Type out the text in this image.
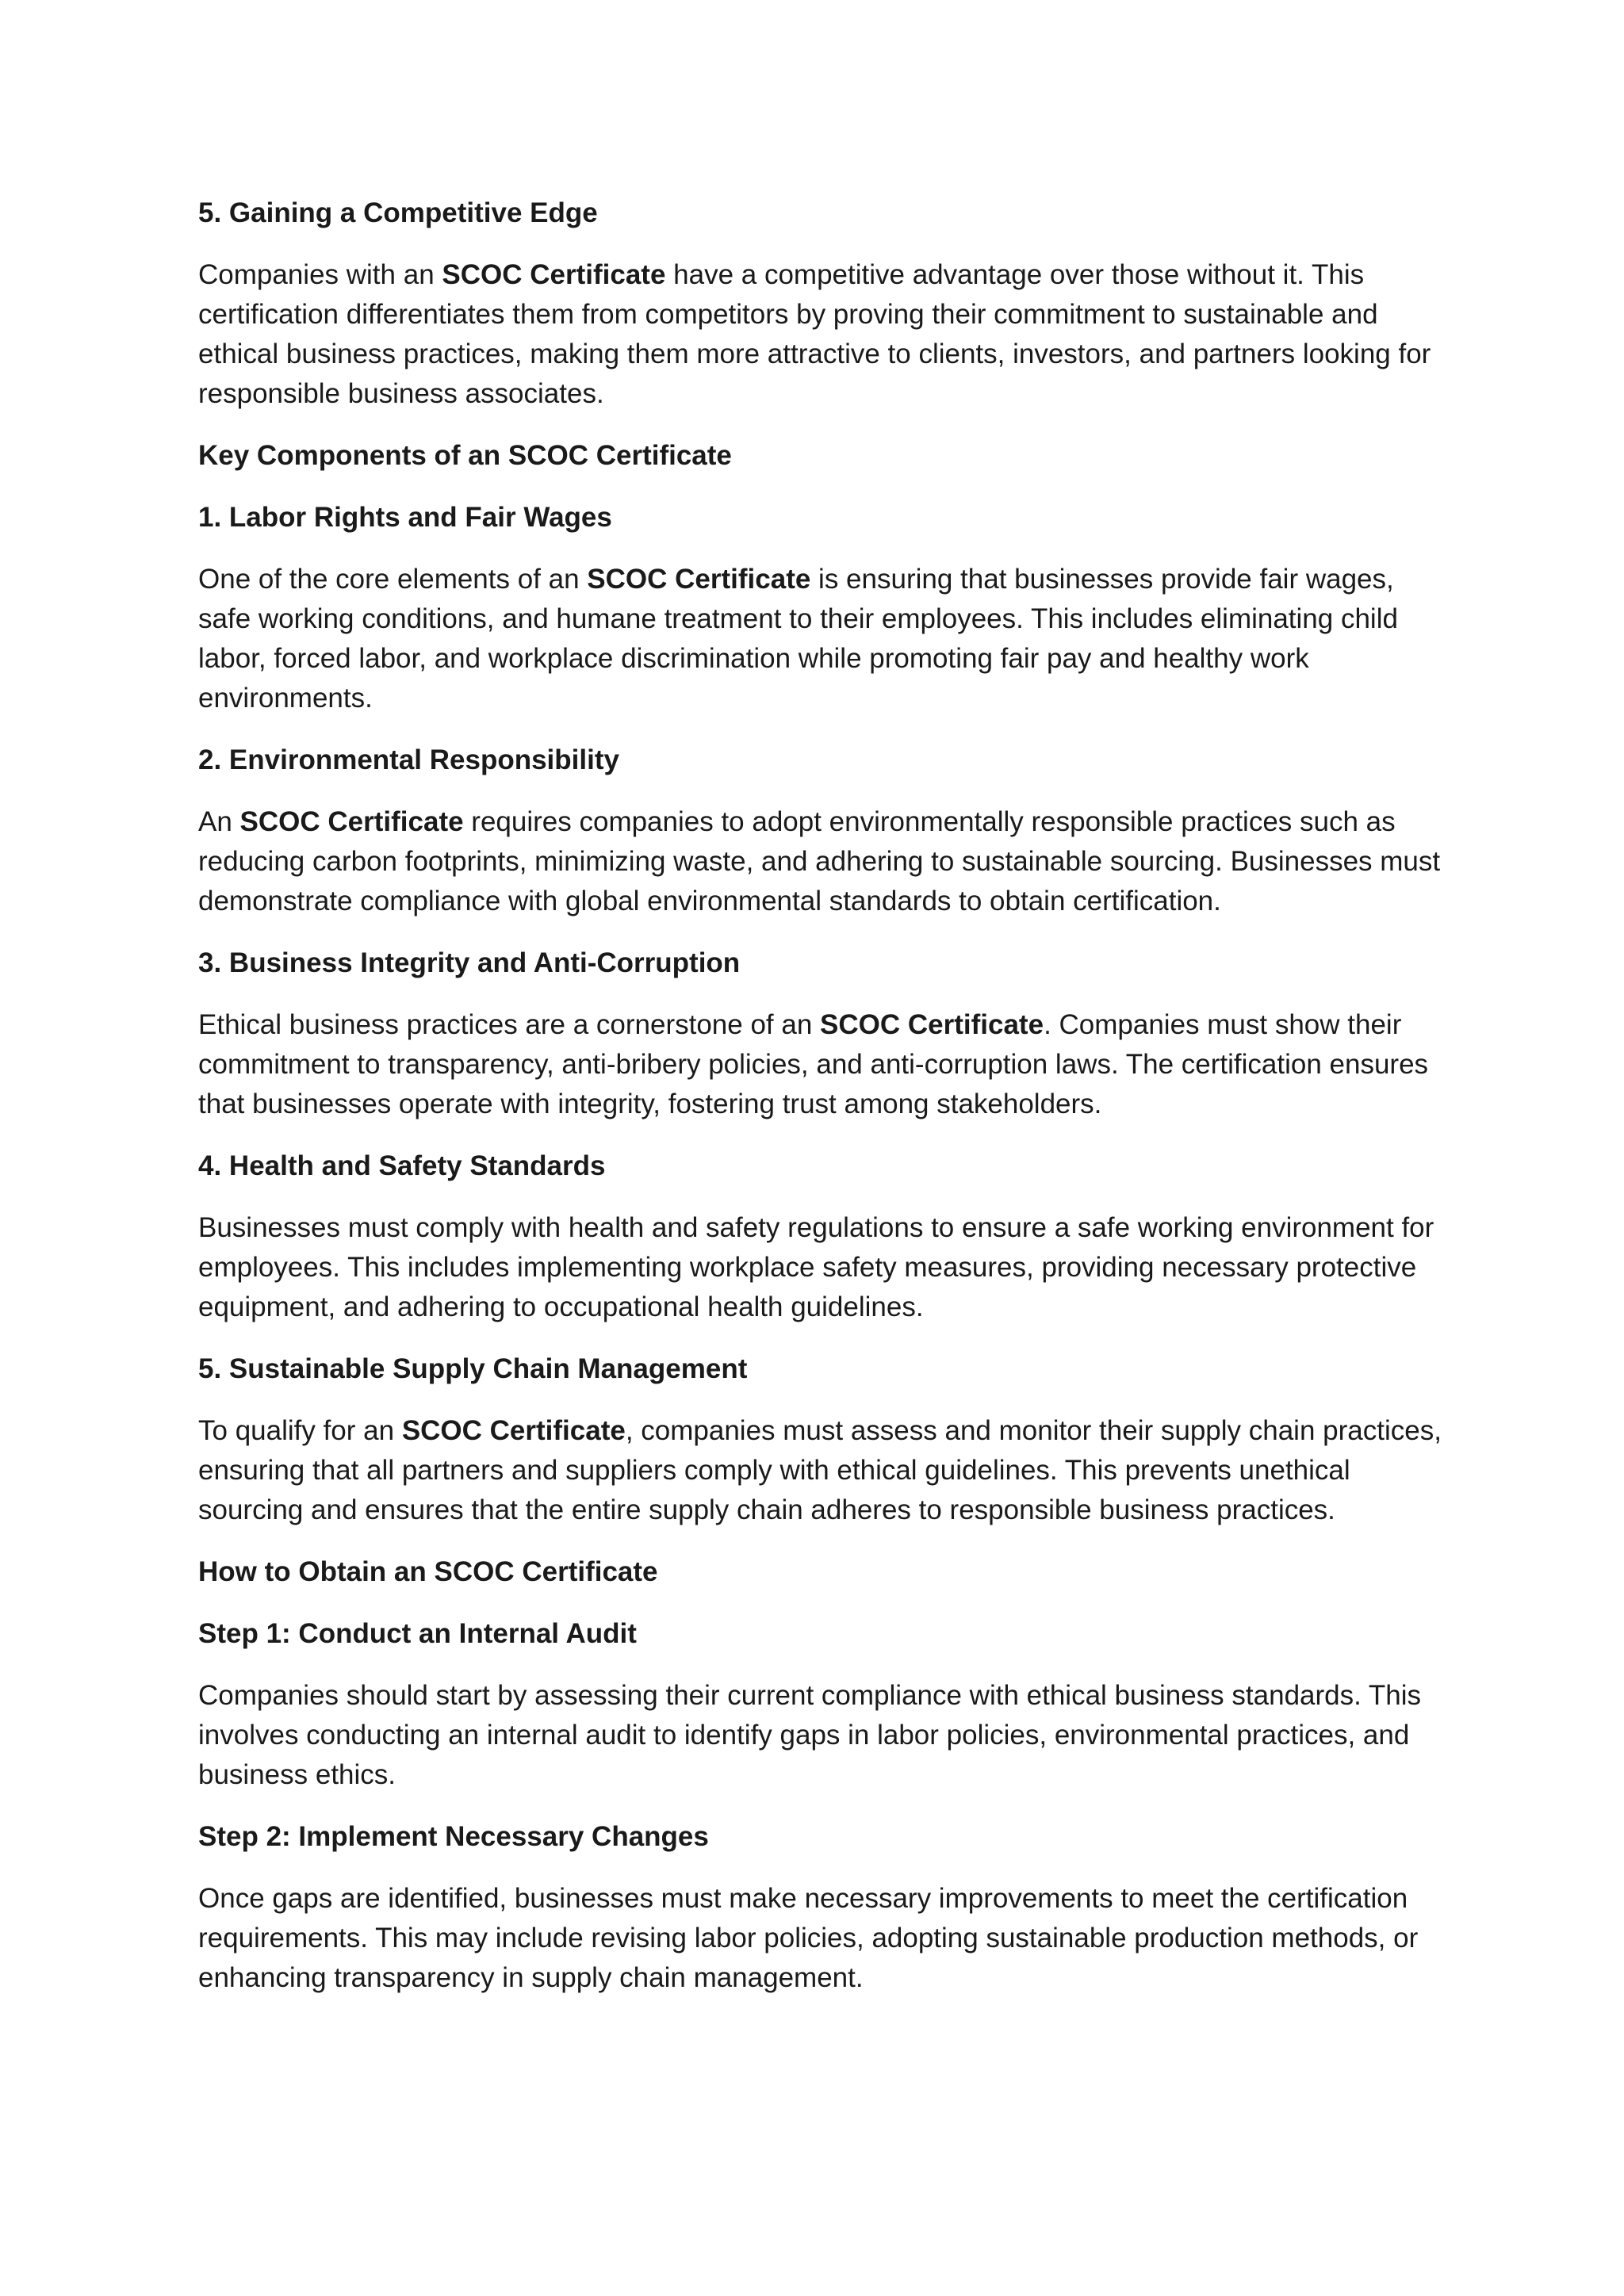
5. Gaining a Competitive Edge
Companies with an SCOC Certificate have a competitive advantage over those without it. This certification differentiates them from competitors by proving their commitment to sustainable and ethical business practices, making them more attractive to clients, investors, and partners looking for responsible business associates.
Key Components of an SCOC Certificate
1. Labor Rights and Fair Wages
One of the core elements of an SCOC Certificate is ensuring that businesses provide fair wages, safe working conditions, and humane treatment to their employees. This includes eliminating child labor, forced labor, and workplace discrimination while promoting fair pay and healthy work environments.
2. Environmental Responsibility
An SCOC Certificate requires companies to adopt environmentally responsible practices such as reducing carbon footprints, minimizing waste, and adhering to sustainable sourcing. Businesses must demonstrate compliance with global environmental standards to obtain certification.
3. Business Integrity and Anti-Corruption
Ethical business practices are a cornerstone of an SCOC Certificate. Companies must show their commitment to transparency, anti-bribery policies, and anti-corruption laws. The certification ensures that businesses operate with integrity, fostering trust among stakeholders.
4. Health and Safety Standards
Businesses must comply with health and safety regulations to ensure a safe working environment for employees. This includes implementing workplace safety measures, providing necessary protective equipment, and adhering to occupational health guidelines.
5. Sustainable Supply Chain Management
To qualify for an SCOC Certificate, companies must assess and monitor their supply chain practices, ensuring that all partners and suppliers comply with ethical guidelines. This prevents unethical sourcing and ensures that the entire supply chain adheres to responsible business practices.
How to Obtain an SCOC Certificate
Step 1: Conduct an Internal Audit
Companies should start by assessing their current compliance with ethical business standards. This involves conducting an internal audit to identify gaps in labor policies, environmental practices, and business ethics.
Step 2: Implement Necessary Changes
Once gaps are identified, businesses must make necessary improvements to meet the certification requirements. This may include revising labor policies, adopting sustainable production methods, or enhancing transparency in supply chain management.
